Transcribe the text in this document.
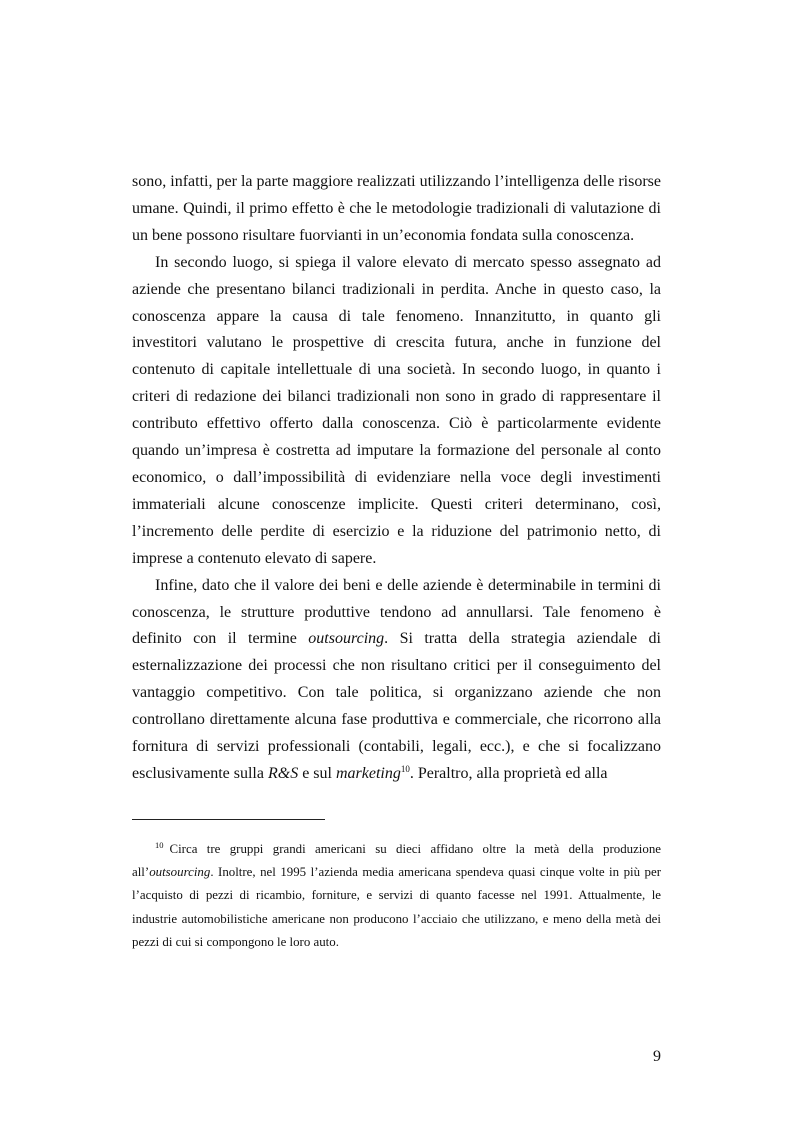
sono, infatti, per la parte maggiore realizzati utilizzando l’intelligenza delle risorse umane. Quindi, il primo effetto è che le metodologie tradizionali di valutazione di un bene possono risultare fuorvianti in un’economia fondata sulla conoscenza.

In secondo luogo, si spiega il valore elevato di mercato spesso assegnato ad aziende che presentano bilanci tradizionali in perdita. Anche in questo caso, la conoscenza appare la causa di tale fenomeno. Innanzitutto, in quanto gli investitori valutano le prospettive di crescita futura, anche in funzione del contenuto di capitale intellettuale di una società. In secondo luogo, in quanto i criteri di redazione dei bilanci tradizionali non sono in grado di rappresentare il contributo effettivo offerto dalla conoscenza. Ciò è particolarmente evidente quando un’impresa è costretta ad imputare la formazione del personale al conto economico, o dall’impossibilità di evidenziare nella voce degli investimenti immateriali alcune conoscenze implicite. Questi criteri determinano, così, l’incremento delle perdite di esercizio e la riduzione del patrimonio netto, di imprese a contenuto elevato di sapere.

Infine, dato che il valore dei beni e delle aziende è determinabile in termini di conoscenza, le strutture produttive tendono ad annullarsi. Tale fenomeno è definito con il termine outsourcing. Si tratta della strategia aziendale di esternalizzazione dei processi che non risultano critici per il conseguimento del vantaggio competitivo. Con tale politica, si organizzano aziende che non controllano direttamente alcuna fase produttiva e commerciale, che ricorrono alla fornitura di servizi professionali (contabili, legali, ecc.), e che si focalizzano esclusivamente sulla R&S e sul marketing$^{10}$. Peraltro, alla proprietà ed alla

$^{10}$ Circa tre gruppi grandi americani su dieci affidano oltre la metà della produzione all’outsourcing. Inoltre, nel 1995 l’azienda media americana spendeva quasi cinque volte in più per l’acquisto di pezzi di ricambio, forniture, e servizi di quanto facesse nel 1991. Attualmente, le industrie automobilistiche americane non producono l’acciaio che utilizzano, e meno della metà dei pezzi di cui si compongono le loro auto.

9
